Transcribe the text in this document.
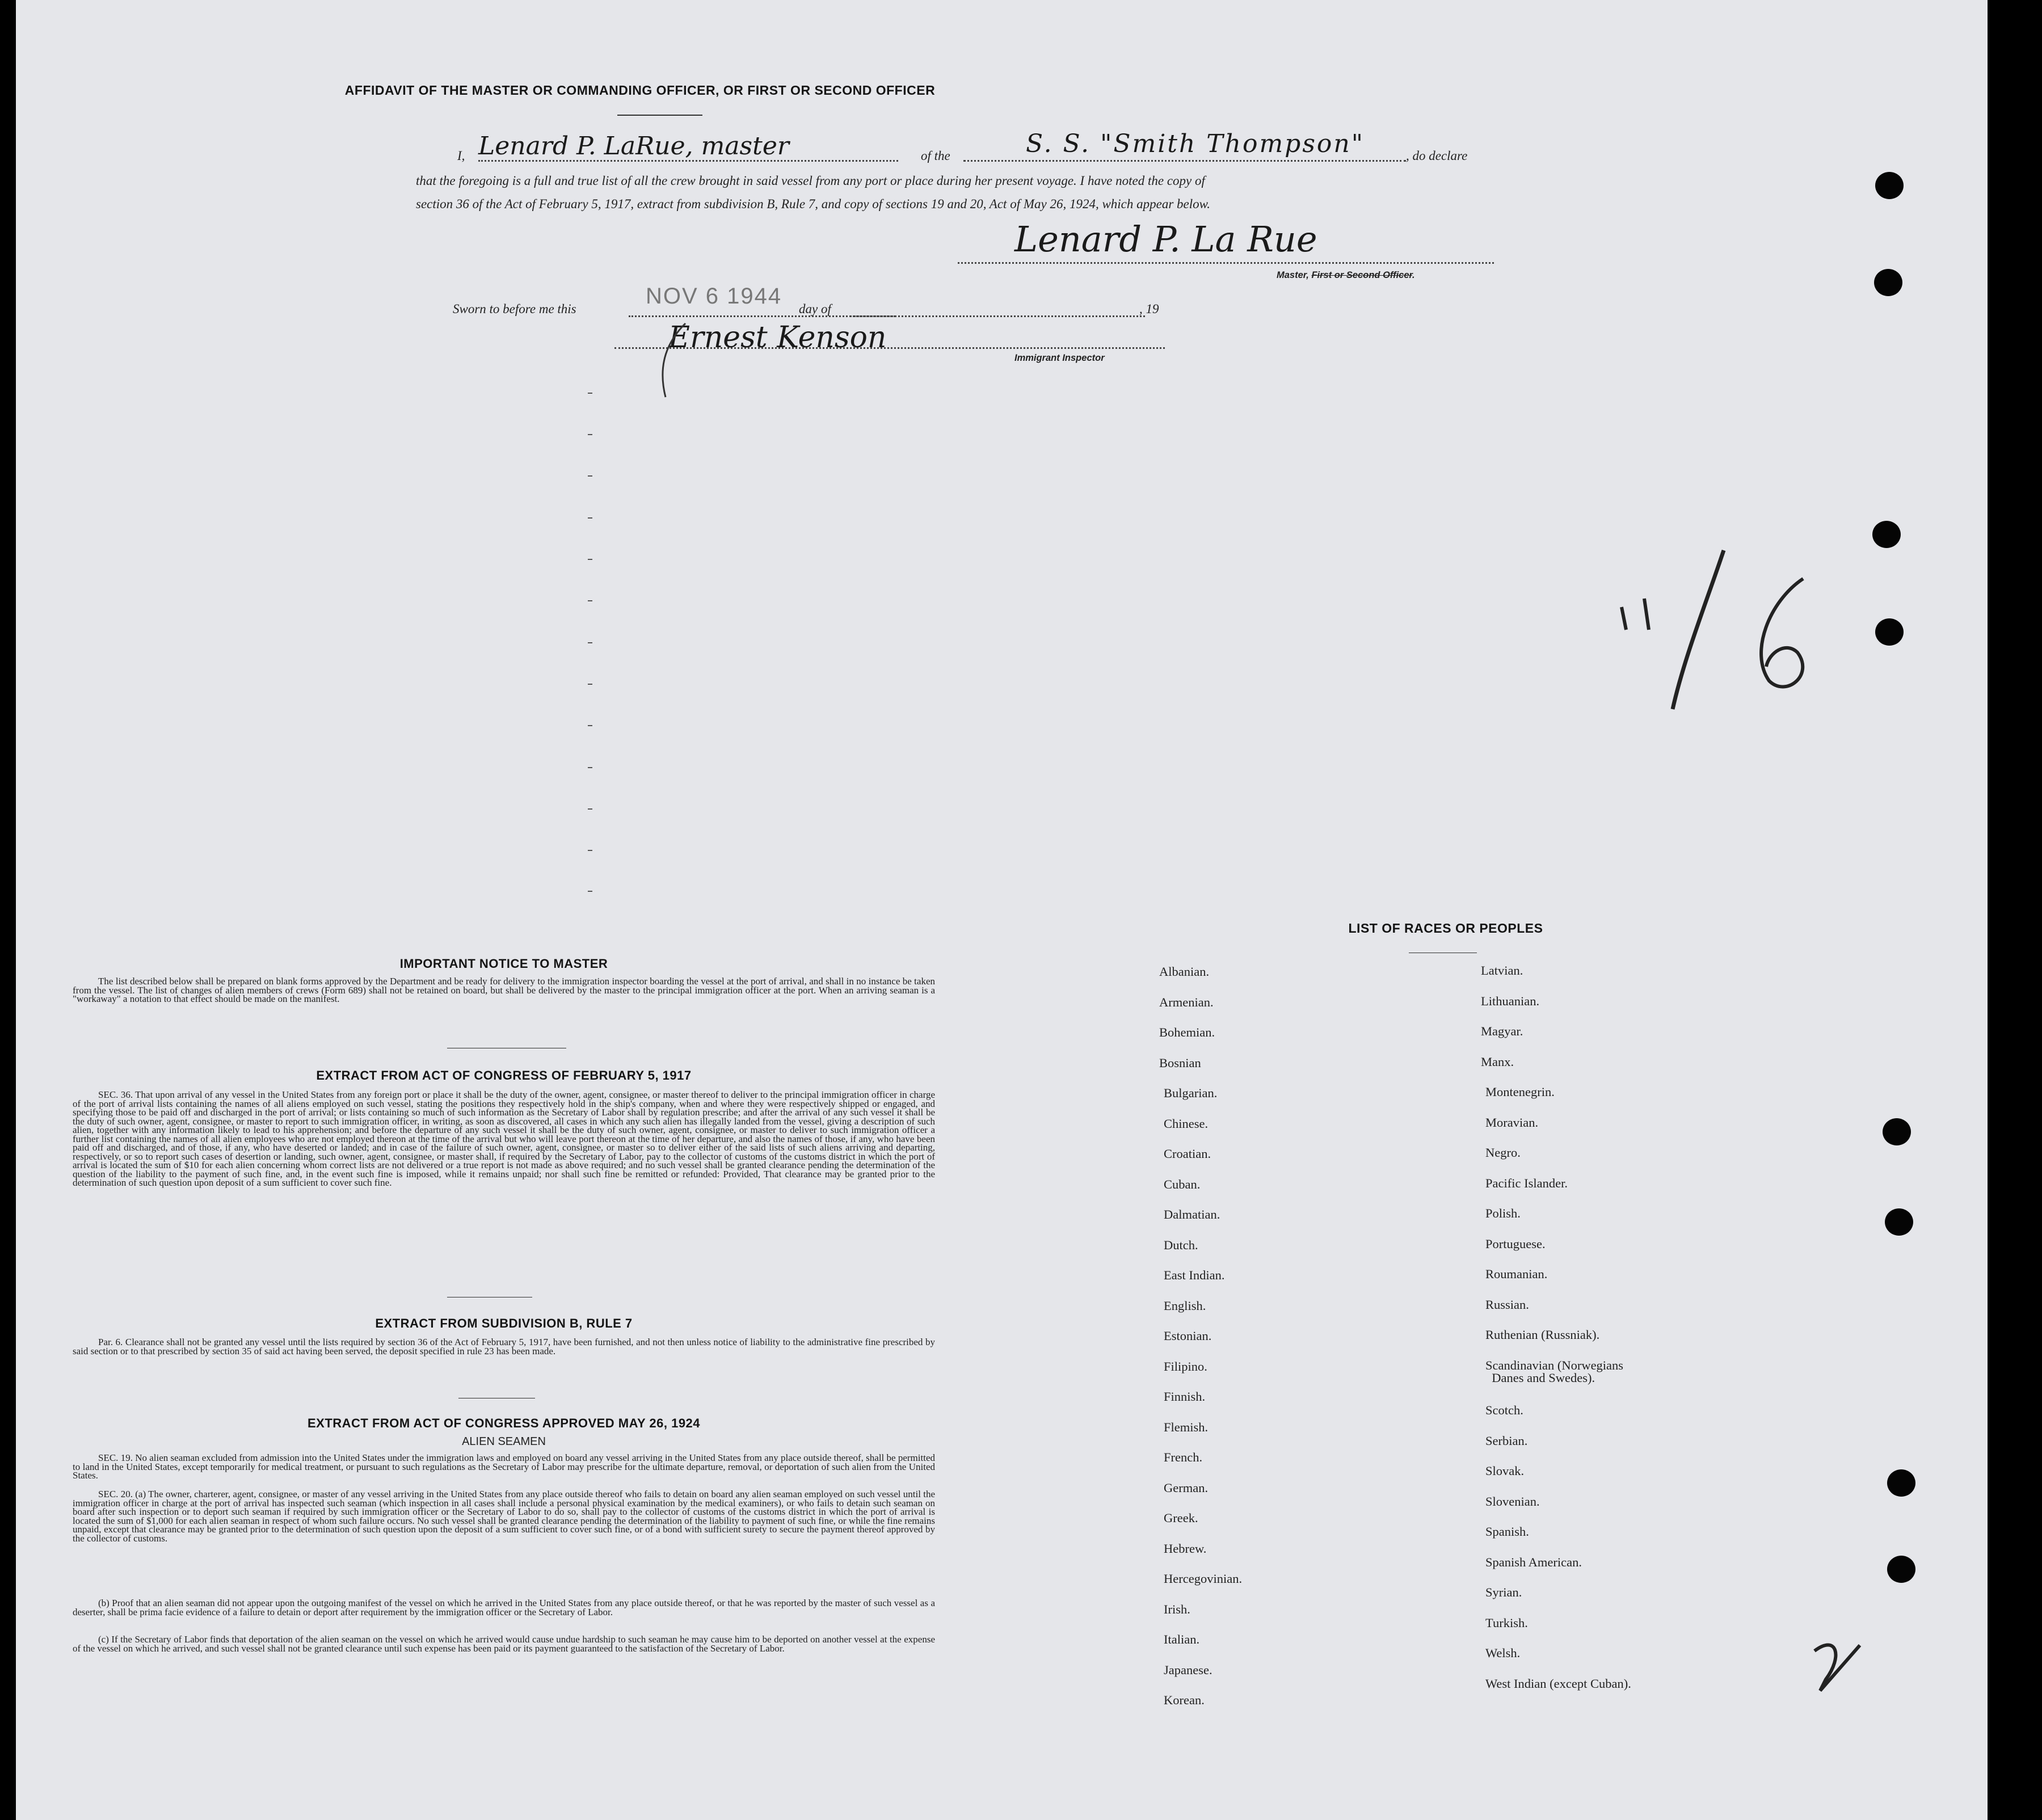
AFFIDAVIT OF THE MASTER OR COMMANDING OFFICER, OR FIRST OR SECOND OFFICER
I, Lenard P. LaRue, master	of the	S. S. "Smith Thompson"	, do declare
that the foregoing is a full and true list of all the crew brought in said vessel from any port or place during her present voyage. I have noted the copy of
section 36 of the Act of February 5, 1917, extract from subdivision B, Rule 7, and copy of sections 19 and 20, Act of May 26, 1924, which appear below.
Lenard P. La Rue
Master, First or Second Officer.
Sworn to before me this
NOV 6 1944
day of	, 19
Ernest Kenson
Immigrant Inspector
IMPORTANT NOTICE TO MASTER
The list described below shall be prepared on blank forms approved by the Department and be ready for delivery to the immigration inspector boarding the vessel at the port of arrival, and shall in no instance be taken from the vessel. The list of changes of alien members of crews (Form 689) shall not be retained on board, but shall be delivered by the master to the principal immigration officer at the port. When an arriving seaman is a "workaway" a notation to that effect should be made on the manifest.
EXTRACT FROM ACT OF CONGRESS OF FEBRUARY 5, 1917
SEC. 36. That upon arrival of any vessel in the United States from any foreign port or place it shall be the duty of the owner, agent, consignee, or master thereof to deliver to the principal immigration officer in charge of the port of arrival lists containing the names of all aliens employed on such vessel, stating the positions they respectively hold in the ship's company, when and where they were respectively shipped or engaged, and specifying those to be paid off and discharged in the port of arrival; or lists containing so much of such information as the Secretary of Labor shall by regulation prescribe; and after the arrival of any such vessel it shall be the duty of such owner, agent, consignee, or master to report to such immigration officer, in writing, as soon as discovered, all cases in which any such alien has illegally landed from the vessel, giving a description of such alien, together with any information likely to lead to his apprehension; and before the departure of any such vessel it shall be the duty of such owner, agent, consignee, or master to deliver to such immigration officer a further list containing the names of all alien employees who are not employed thereon at the time of the arrival but who will leave port thereon at the time of her departure, and also the names of those, if any, who have been paid off and discharged, and of those, if any, who have deserted or landed; and in case of the failure of such owner, agent, consignee, or master so to deliver either of the said lists of such aliens arriving and departing, respectively, or so to report such cases of desertion or landing, such owner, agent, consignee, or master shall, if required by the Secretary of Labor, pay to the collector of customs of the customs district in which the port of arrival is located the sum of $10 for each alien concerning whom correct lists are not delivered or a true report is not made as above required; and no such vessel shall be granted clearance pending the determination of the question of the liability to the payment of such fine, and, in the event such fine is imposed, while it remains unpaid; nor shall such fine be remitted or refunded: Provided, That clearance may be granted prior to the determination of such question upon deposit of a sum sufficient to cover such fine.
EXTRACT FROM SUBDIVISION B, RULE 7
Par. 6. Clearance shall not be granted any vessel until the lists required by section 36 of the Act of February 5, 1917, have been furnished, and not then unless notice of liability to the administrative fine prescribed by said section or to that prescribed by section 35 of said act having been served, the deposit specified in rule 23 has been made.
EXTRACT FROM ACT OF CONGRESS APPROVED MAY 26, 1924
ALIEN SEAMEN
SEC. 19. No alien seaman excluded from admission into the United States under the immigration laws and employed on board any vessel arriving in the United States from any place outside thereof, shall be permitted to land in the United States, except temporarily for medical treatment, or pursuant to such regulations as the Secretary of Labor may prescribe for the ultimate departure, removal, or deportation of such alien from the United States.
SEC. 20. (a) The owner, charterer, agent, consignee, or master of any vessel arriving in the United States from any place outside thereof who fails to detain on board any alien seaman employed on such vessel until the immigration officer in charge at the port of arrival has inspected such seaman (which inspection in all cases shall include a personal physical examination by the medical examiners), or who fails to detain such seaman on board after such inspection or to deport such seaman if required by such immigration officer or the Secretary of Labor to do so, shall pay to the collector of customs of the customs district in which the port of arrival is located the sum of $1,000 for each alien seaman in respect of whom such failure occurs. No such vessel shall be granted clearance pending the determination of the liability to payment of such fine, or while the fine remains unpaid, except that clearance may be granted prior to the determination of such question upon the deposit of a sum sufficient to cover such fine, or of a bond with sufficient surety to secure the payment thereof approved by the collector of customs.
(b) Proof that an alien seaman did not appear upon the outgoing manifest of the vessel on which he arrived in the United States from any place outside thereof, or that he was reported by the master of such vessel as a deserter, shall be prima facie evidence of a failure to detain or deport after requirement by the immigration officer or the Secretary of Labor.
(c) If the Secretary of Labor finds that deportation of the alien seaman on the vessel on which he arrived would cause undue hardship to such seaman he may cause him to be deported on another vessel at the expense of the vessel on which he arrived, and such vessel shall not be granted clearance until such expense has been paid or its payment guaranteed to the satisfaction of the Secretary of Labor.
LIST OF RACES OR PEOPLES
Albanian.
Armenian.
Bohemian.
Bosnian
Bulgarian.
Chinese.
Croatian.
Cuban.
Dalmatian.
Dutch.
East Indian.
English.
Estonian.
Filipino.
Finnish.
Flemish.
French.
German.
Greek.
Hebrew.
Hercegovinian.
Irish.
Italian.
Japanese.
Korean.
Latvian.
Lithuanian.
Magyar.
Manx.
Montenegrin.
Moravian.
Negro.
Pacific Islander.
Polish.
Portuguese.
Roumanian.
Russian.
Ruthenian (Russniak).
Scandinavian (Norwegians
Danes and Swedes).
Scotch.
Serbian.
Slovak.
Slovenian.
Spanish.
Spanish American.
Syrian.
Turkish.
Welsh.
West Indian (except Cuban).
